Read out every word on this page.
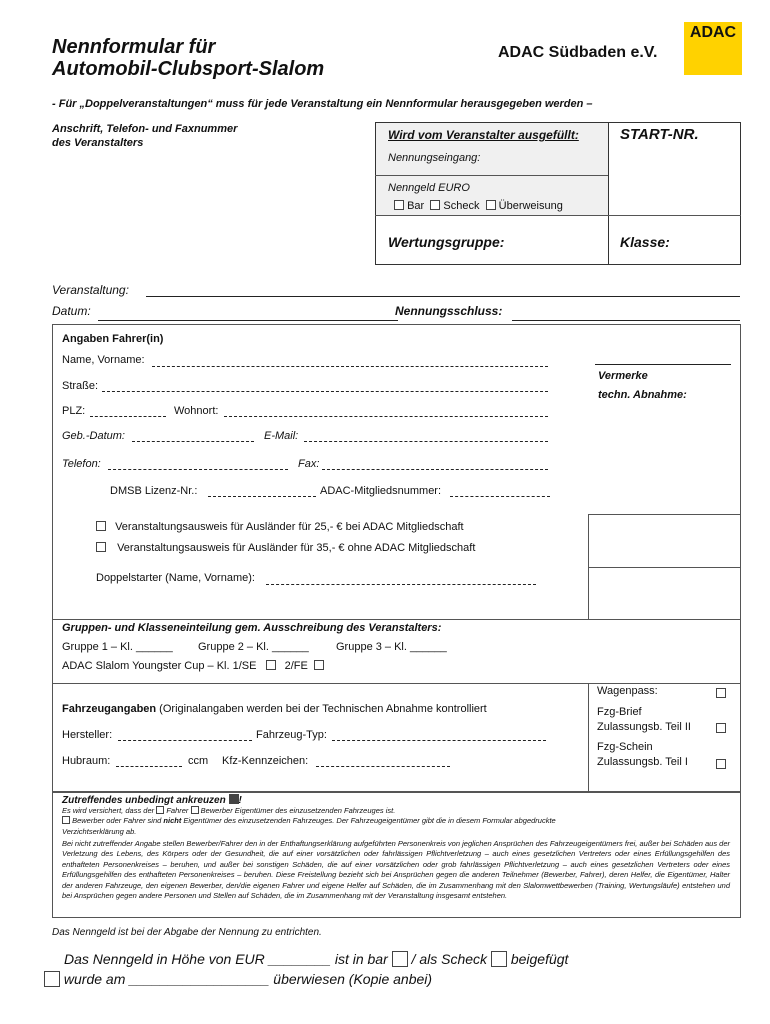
Nennformular für
Automobil-Clubsport-Slalom
ADAC Südbaden e.V.
ADAC
- Für „Doppelveranstaltungen“ muss für jede Veranstaltung ein Nennformular herausgegeben werden –
Anschrift, Telefon- und Faxnummer
des Veranstalters
Wird vom Veranstalter ausgefüllt:	START-NR.
Nennungseingang:
Nenngeld EURO
Bar Scheck Überweisung
Wertungsgruppe:	Klasse:
Veranstaltung:
Datum:	Nennungsschluss:
Angaben Fahrer(in)
Name, Vorname:
Straße:
PLZ:	Wohnort:
Geb.-Datum:	E-Mail:
Telefon:	Fax:
DMSB Lizenz-Nr.:	ADAC-Mitgliedsnummer:
Veranstaltungsausweis für Ausländer für 25,- € bei ADAC Mitgliedschaft
Veranstaltungsausweis für Ausländer für 35,- € ohne ADAC Mitgliedschaft
Doppelstarter (Name, Vorname):
Vermerke
techn. Abnahme:
Gruppen- und Klasseneinteilung gem. Ausschreibung des Veranstalters:
Gruppe 1 – Kl. ______ Gruppe 2 – Kl. ______ Gruppe 3 – Kl. ______
ADAC Slalom Youngster Cup – Kl. 1/SE	2/FE
Fahrzeugangaben (Originalangaben werden bei der Technischen Abnahme kontrolliert
Hersteller:	Fahrzeug-Typ:
Hubraum:	ccm Kfz-Kennzeichen:
Wagenpass:
Fzg-Brief
Zulassungsb. Teil II
Fzg-Schein
Zulassungsb. Teil I
Zutreffendes unbedingt ankreuzen !
Es wird versichert, dass der Fahrer Bewerber Eigentümer des einzusetzenden Fahrzeuges ist.
Bewerber oder Fahrer sind nicht Eigentümer des einzusetzenden Fahrzeuges. Der Fahrzeugeigentümer gibt die in diesem Formular abgedruckte
Verzichtserklärung ab.
Bei nicht zutreffender Angabe stellen Bewerber/Fahrer den in der Enthaftungserklärung aufgeführten Personenkreis von jeglichen Ansprüchen des Fahrzeugeigentümers frei, außer bei Schäden aus der Verletzung des Lebens, des Körpers oder der Gesundheit, die auf einer vorsätzlichen oder fahrlässigen Pflichtverletzung – auch eines gesetzlichen Vertreters oder eines Erfüllungsgehilfen des enthafteten Personenkreises – beruhen, und außer bei sonstigen Schäden, die auf einer vorsätzlichen oder grob fahrlässigen Pflichtverletzung – auch eines gesetzlichen Vertreters oder eines Erfüllungsgehilfen des enthafteten Personenkreises – beruhen. Diese Freistellung bezieht sich bei Ansprüchen gegen die anderen Teilnehmer (Bewerber, Fahrer), deren Helfer, die Eigentümer, Halter der anderen Fahrzeuge, den eigenen Bewerber, den/die eigenen Fahrer und eigene Helfer auf Schäden, die im Zusammenhang mit den Slalomwettbewerben (Training, Wertungsläufe) entstehen und bei Ansprüchen gegen andere Personen und Stellen auf Schäden, die im Zusammenhang mit der Veranstaltung insgesamt entstehen.
Das Nenngeld ist bei der Abgabe der Nennung zu entrichten.
Das Nenngeld in Höhe von EUR ________ ist in bar / als Scheck beigefügt
wurde am __________________ überwiesen (Kopie anbei)
